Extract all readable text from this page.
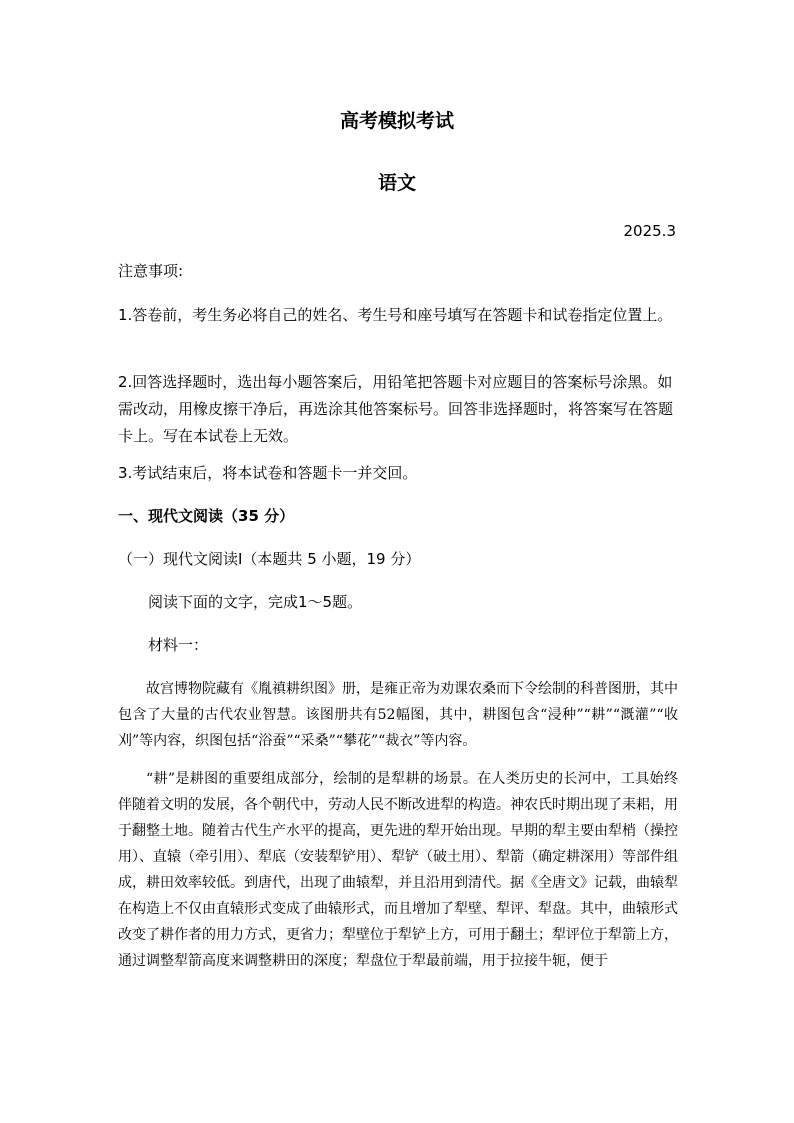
高考模拟考试
语文
2025.3
注意事项:
1.答卷前，考生务必将自己的姓名、考生号和座号填写在答题卡和试卷指定位置上。
2.回答选择题时，选出每小题答案后，用铅笔把答题卡对应题目的答案标号涂黑。如需改动，用橡皮擦干净后，再选涂其他答案标号。回答非选择题时，将答案写在答题卡上。写在本试卷上无效。
3.考试结束后，将本试卷和答题卡一并交回。
一、现代文阅读（35 分）
（一）现代文阅读Ⅰ（本题共 5 小题，19 分）
阅读下面的文字，完成1～5题。
材料一：

故宫博物院藏有《胤禛耕织图》册，是雍正帝为劝课农桑而下令绘制的科普图册，其中包含了大量的古代农业智慧。该图册共有52幅图，其中，耕图包含“浸种”“耕”“溉灌”“收刈”等内容，织图包括“浴蚕”“采桑”“攀花”“裁衣”等内容。

“耕”是耕图的重要组成部分，绘制的是犁耕的场景。在人类历史的长河中，工具始终伴随着文明的发展，各个朝代中，劳动人民不断改进犁的构造。神农氏时期出现了耒耜，用于翻整土地。随着古代生产水平的提高，更先进的犁开始出现。早期的犁主要由犁梢（操控用）、直辕（牵引用）、犁底（安装犁铲用）、犁铲（破土用）、犁箭（确定耕深用）等部件组成，耕田效率较低。到唐代，出现了曲辕犁，并且沿用到清代。据《全唐文》记载，曲辕犁在构造上不仅由直辕形式变成了曲辕形式，而且增加了犁壁、犁评、犁盘。其中，曲辕形式改变了耕作者的用力方式，更省力；犁壁位于犁铲上方，可用于翻土；犁评位于犁箭上方，通过调整犁箭高度来调整耕田的深度；犁盘位于犁最前端，用于拉接牛轭，便于
